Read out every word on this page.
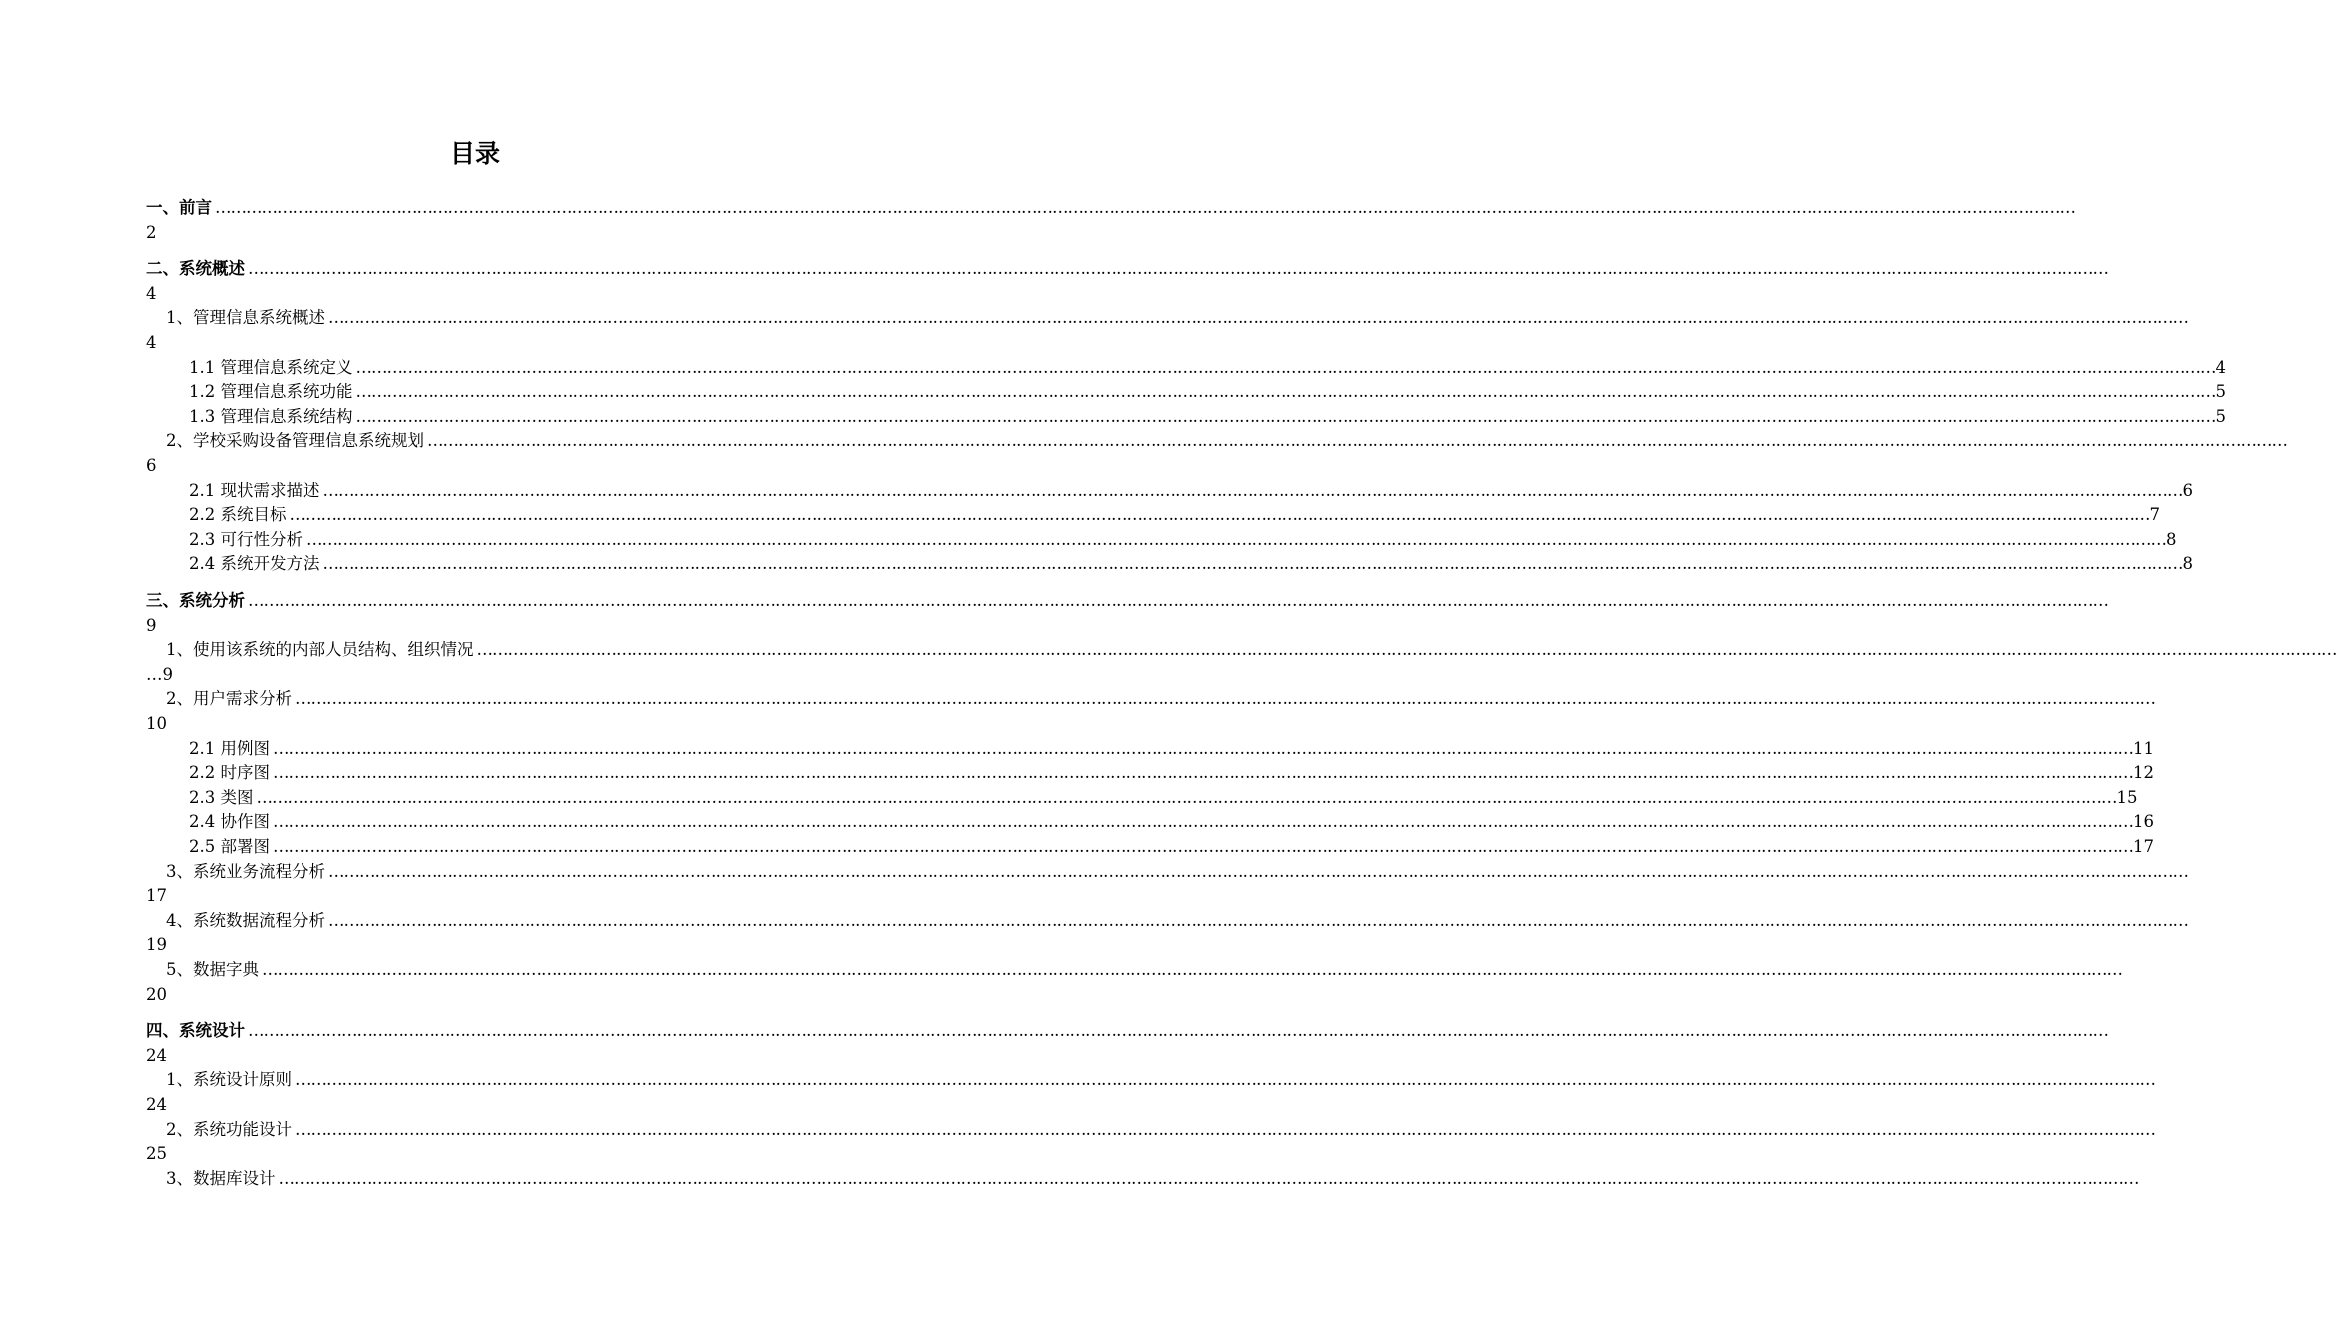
目录
一、前言 ………………………………………………………………………………………………………………………………………………………………………………………………………………………………………………………………………………………………………………………………
2
二、系统概述 ………………………………………………………………………………………………………………………………………………………………………………………………………………………………………………………………………………………………………………………………
4
1、管理信息系统概述 ………………………………………………………………………………………………………………………………………………………………………………………………………………………………………………………………………………………………………………………………
4
1.1 管理信息系统定义 ……………………………………………………………………………………………………………………………………………………………………………………………………………………………………………………………………………………………………………………………… 4
1.2 管理信息系统功能 ……………………………………………………………………………………………………………………………………………………………………………………………………………………………………………………………………………………………………………………………… 5
1.3 管理信息系统结构 ……………………………………………………………………………………………………………………………………………………………………………………………………………………………………………………………………………………………………………………………… 5
2、学校采购设备管理信息系统规划 ………………………………………………………………………………………………………………………………………………………………………………………………………………………………………………………………………………………………………………………………
6
2.1 现状需求描述 ……………………………………………………………………………………………………………………………………………………………………………………………………………………………………………………………………………………………………………………………… 6
2.2 系统目标 ……………………………………………………………………………………………………………………………………………………………………………………………………………………………………………………………………………………………………………………………… 7
2.3 可行性分析 ……………………………………………………………………………………………………………………………………………………………………………………………………………………………………………………………………………………………………………………………… 8
2.4 系统开发方法 ……………………………………………………………………………………………………………………………………………………………………………………………………………………………………………………………………………………………………………………………… 8
三、系统分析 ………………………………………………………………………………………………………………………………………………………………………………………………………………………………………………………………………………………………………………………………
9
1、使用该系统的内部人员结构、组织情况 ………………………………………………………………………………………………………………………………………………………………………………………………………………………………………………………………………………………………………………………………
…9
2、用户需求分析 ………………………………………………………………………………………………………………………………………………………………………………………………………………………………………………………………………………………………………………………………
10
2.1 用例图 ……………………………………………………………………………………………………………………………………………………………………………………………………………………………………………………………………………………………………………………………… 11
2.2 时序图 ……………………………………………………………………………………………………………………………………………………………………………………………………………………………………………………………………………………………………………………………… 12
2.3 类图 ……………………………………………………………………………………………………………………………………………………………………………………………………………………………………………………………………………………………………………………………… 15
2.4 协作图 ……………………………………………………………………………………………………………………………………………………………………………………………………………………………………………………………………………………………………………………………… 16
2.5 部署图 ……………………………………………………………………………………………………………………………………………………………………………………………………………………………………………………………………………………………………………………………… 17
3、系统业务流程分析 ………………………………………………………………………………………………………………………………………………………………………………………………………………………………………………………………………………………………………………………………
17
4、系统数据流程分析 ………………………………………………………………………………………………………………………………………………………………………………………………………………………………………………………………………………………………………………………………
19
5、数据字典 ………………………………………………………………………………………………………………………………………………………………………………………………………………………………………………………………………………………………………………………………
20
四、系统设计 ………………………………………………………………………………………………………………………………………………………………………………………………………………………………………………………………………………………………………………………………
24
1、系统设计原则 ………………………………………………………………………………………………………………………………………………………………………………………………………………………………………………………………………………………………………………………………
24
2、系统功能设计 ………………………………………………………………………………………………………………………………………………………………………………………………………………………………………………………………………………………………………………………………
25
3、数据库设计 ………………………………………………………………………………………………………………………………………………………………………………………………………………………………………………………………………………………………………………………………
